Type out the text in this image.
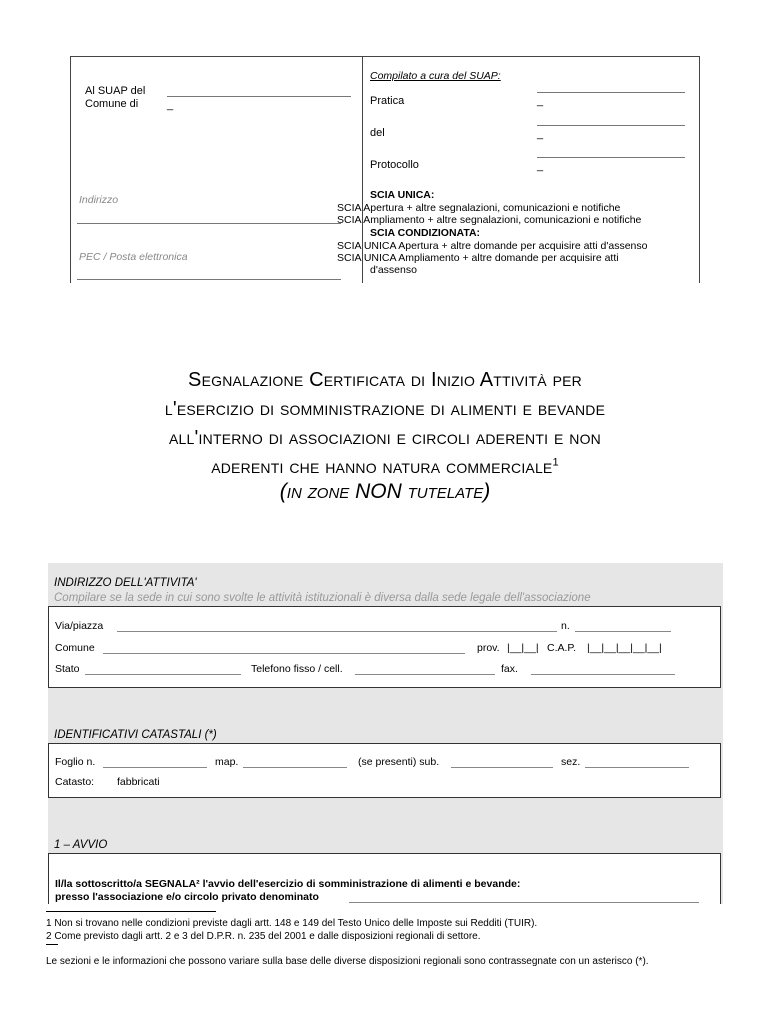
Al SUAP del
Comune di	_
Indirizzo
PEC / Posta elettronica
Compilato a cura del SUAP:
Pratica	_
del	_
Protocollo	_
SCIA UNICA:
SCIA Apertura + altre segnalazioni, comunicazioni e notifiche
SCIA Ampliamento + altre segnalazioni, comunicazioni e notifiche
SCIA CONDIZIONATA:
SCIA UNICA Apertura + altre domande per acquisire atti d'assenso
SCIA UNICA Ampliamento + altre domande per acquisire atti
d'assenso
Segnalazione Certificata di Inizio Attività per
l'esercizio di somministrazione di alimenti e bevande
all'interno di associazioni e circoli aderenti e non
aderenti che hanno natura commerciale$^1$
(in zone NON tutelate)
INDIRIZZO DELL'ATTIVITA'
Compilare se la sede in cui sono svolte le attività istituzionali è diversa dalla sede legale dell'associazione
Via/piazza	n.
Comune	prov. |__|__| C.A.P. |__|__|__|__|__|
Stato	Telefono fisso / cell.	fax.
IDENTIFICATIVI CATASTALI (*)
Foglio n.	map.	(se presenti) sub.	sez.
Catasto: fabbricati
1 – AVVIO
Il/la sottoscritto/a SEGNALA² l'avvio dell'esercizio di somministrazione di alimenti e bevande:
presso l'associazione e/o circolo privato denominato
1 Non si trovano nelle condizioni previste dagli artt. 148 e 149 del Testo Unico delle Imposte sui Redditi (TUIR).
2 Come previsto dagli artt. 2 e 3 del D.P.R. n. 235 del 2001 e dalle disposizioni regionali di settore.
Le sezioni e le informazioni che possono variare sulla base delle diverse disposizioni regionali sono contrassegnate con un asterisco (*).
